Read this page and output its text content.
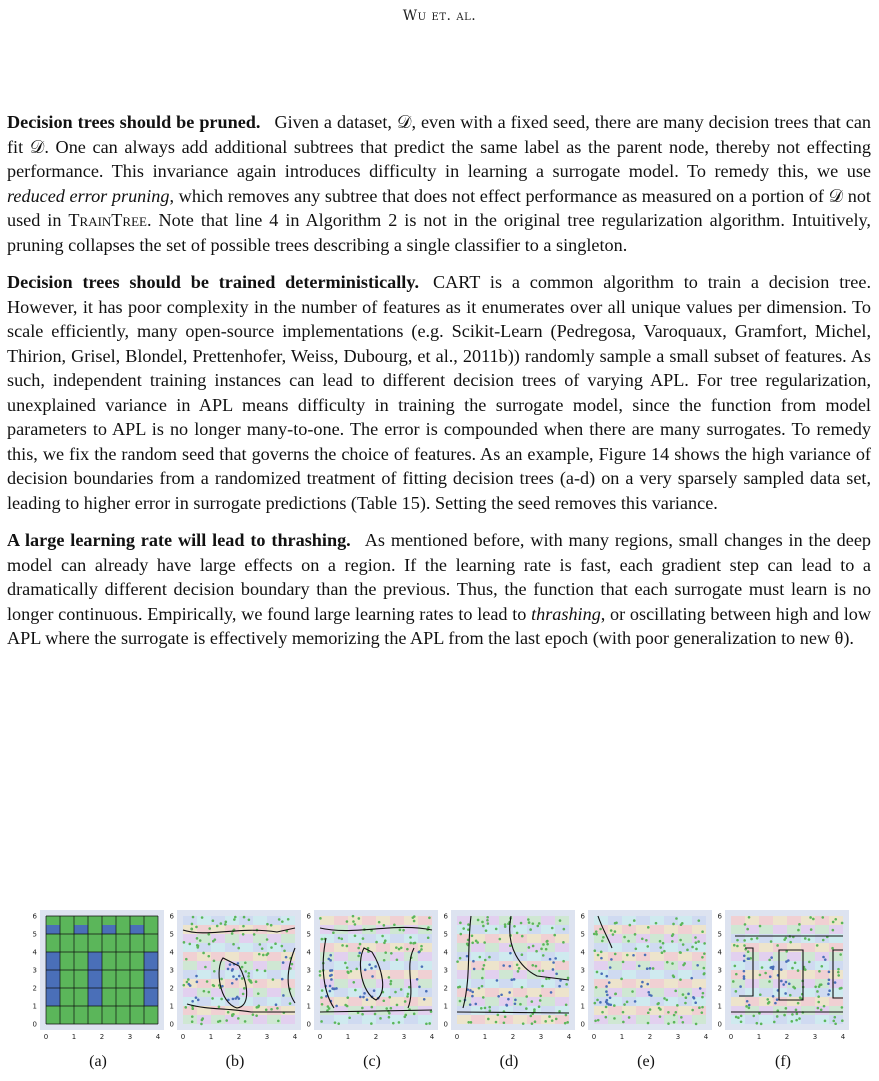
Wu et. al.

Decision trees should be pruned. Given a dataset, 𝒟, even with a fixed seed, there are many decision trees that can fit 𝒟. One can always add additional subtrees that predict the same label as the parent node, thereby not effecting performance. This invariance again introduces difficulty in learning a surrogate model. To remedy this, we use reduced error pruning, which removes any subtree that does not effect performance as measured on a portion of 𝒟 not used in TrainTree. Note that line 4 in Algorithm 2 is not in the original tree regularization algorithm. Intuitively, pruning collapses the set of possible trees describing a single classifier to a singleton.

Decision trees should be trained deterministically. CART is a common algorithm to train a decision tree. However, it has poor complexity in the number of features as it enumerates over all unique values per dimension. To scale efficiently, many open-source implementations (e.g. Scikit-Learn (Pedregosa, Varoquaux, Gramfort, Michel, Thirion, Grisel, Blondel, Prettenhofer, Weiss, Dubourg, et al., 2011b)) randomly sample a small subset of features. As such, independent training instances can lead to different decision trees of varying APL. For tree regularization, unexplained variance in APL means difficulty in training the surrogate model, since the function from model parameters to APL is no longer many-to-one. The error is compounded when there are many surrogates. To remedy this, we fix the random seed that governs the choice of features. As an example, Figure 14 shows the high variance of decision boundaries from a randomized treatment of fitting decision trees (a-d) on a very sparsely sampled data set, leading to higher error in surrogate predictions (Table 15). Setting the seed removes this variance.

A large learning rate will lead to thrashing. As mentioned before, with many regions, small changes in the deep model can already have large effects on a region. If the learning rate is fast, each gradient step can lead to a dramatically different decision boundary than the previous. Thus, the function that each surrogate must learn is no longer continuous. Empirically, we found large learning rates to lead to thrashing, or oscillating between high and low APL where the surrogate is effectively memorizing the APL from the last epoch (with poor generalization to new θ).

0
1
2
3
4
5
6
0	1	2	3	4
(a)
0
1
2
3
4
5
6
0	1	2	3	4
(b)
0
1
2
3
4
5
6
0	1	2	3	4
(c)
0
1
2
3
4
5
6
0	1	2	3	4
(d)
0
1
2
3
4
5
6
0	1	2	3	4
(e)
0
1
2
3
4
5
6
0	1	2	3	4
(f)
